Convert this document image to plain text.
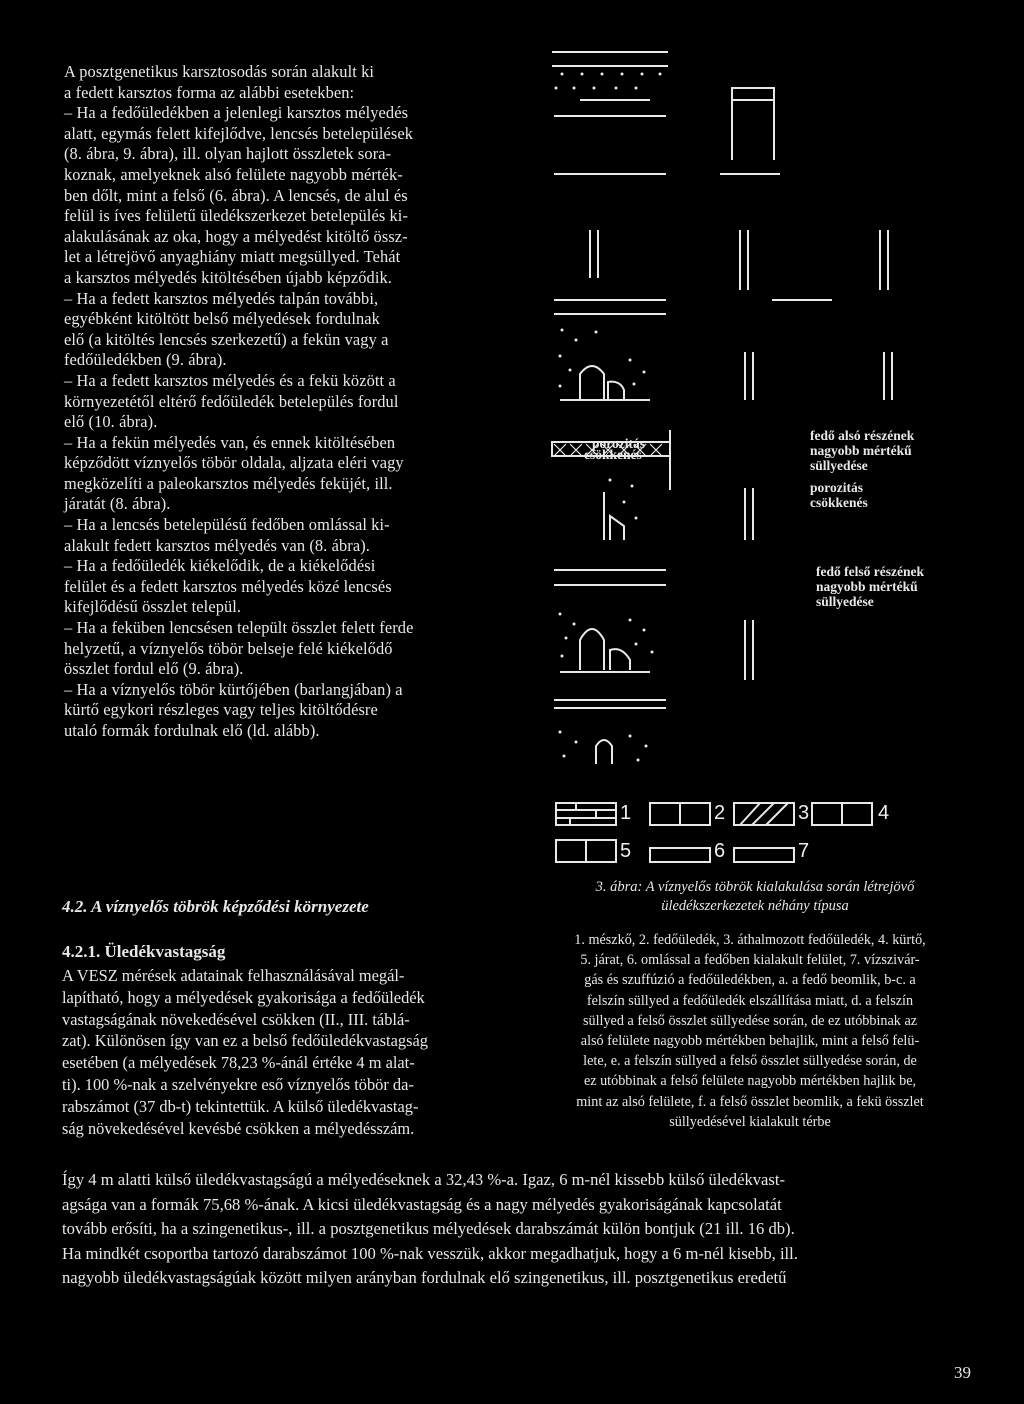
A posztgenetikus karsztosodás során alakult ki
a fedett karsztos forma az alábbi esetekben:
– Ha a fedőüledékben a jelenlegi karsztos mélyedés
alatt, egymás felett kifejlődve, lencsés betelepülések
(8. ábra, 9. ábra), ill. olyan hajlott összletek sora-
koznak, amelyeknek alsó felülete nagyobb mérték-
ben dőlt, mint a felső (6. ábra). A lencsés, de alul és
felül is íves felületű üledékszerkezet betelepülés ki-
alakulásának az oka, hogy a mélyedést kitöltő össz-
let a létrejövő anyaghiány miatt megsüllyed. Tehát
a karsztos mélyedés kitöltésében újabb képződik.
– Ha a fedett karsztos mélyedés talpán további,
egyébként kitöltött belső mélyedések fordulnak
elő (a kitöltés lencsés szerkezetű) a fekün vagy a
fedőüledékben (9. ábra).
– Ha a fedett karsztos mélyedés és a fekü között a
környezetétől eltérő fedőüledék betelepülés fordul
elő (10. ábra).
– Ha a fekün mélyedés van, és ennek kitöltésében
képződött víznyelős töbör oldala, aljzata eléri vagy
megközelíti a paleokarsztos mélyedés feküjét, ill.
járatát (8. ábra).
– Ha a lencsés betelepülésű fedőben omlással ki-
alakult fedett karsztos mélyedés van (8. ábra).
– Ha a fedőüledék kiékelődik, de a kiékelődési
felület és a fedett karsztos mélyedés közé lencsés
kifejlődésű összlet települ.
– Ha a feküben lencsésen települt összlet felett ferde
helyzetű, a víznyelős töbör belseje felé kiékelődő
összlet fordul elő (9. ábra).
– Ha a víznyelős töbör kürtőjében (barlangjában) a
kürtő egykori részleges vagy teljes kitöltődésre
utaló formák fordulnak elő (ld. alább).
4.2. A víznyelős töbrök képződési környezete
4.2.1. Üledékvastagság
A VESZ mérések adatainak felhasználásával megál-
lapítható, hogy a mélyedések gyakorisága a fedőüledék
vastagságának növekedésével csökken (II., III. táblá-
zat). Különösen így van ez a belső fedőüledékvastagság
esetében (a mélyedések 78,23 %-ánál értéke 4 m alat-
ti). 100 %-nak a szelvényekre eső víznyelős töbör da-
rabszámot (37 db-t) tekintettük. A külső üledékvastag-
ság növekedésével kevésbé csökken a mélyedésszám.
Így 4 m alatti külső üledékvastagságú a mélyedéseknek a 32,43 %-a. Igaz, 6 m-nél kissebb külső üledékvast-
agsága van a formák 75,68 %-ának. A kicsi üledékvastagság és a nagy mélyedés gyakoriságának kapcsolatát
tovább erősíti, ha a szingenetikus-, ill. a posztgenetikus mélyedések darabszámát külön bontjuk (21 ill. 16 db).
Ha mindkét csoportba tartozó darabszámot 100 %-nak vesszük, akkor megadhatjuk, hogy a 6 m-nél kisebb, ill.
nagyobb üledékvastagságúak között milyen arányban fordulnak elő szingenetikus, ill. posztgenetikus eredetű
porozitás
csökkenés
fedő alsó részének
nagyobb mértékű
süllyedése
porozitás
csökkenés
fedő felső részének
nagyobb mértékű
süllyedése
1	2	3	4
5	6	7
3. ábra: A víznyelős töbrök kialakulása során létrejövő
üledékszerkezetek néhány típusa
1. mészkő, 2. fedőüledék, 3. áthalmozott fedőüledék, 4. kürtő,
5. járat, 6. omlással a fedőben kialakult felület, 7. vízszivár-
gás és szuffúzió a fedőüledékben, a. a fedő beomlik, b-c. a
felszín süllyed a fedőüledék elszállítása miatt, d. a felszín
süllyed a felső összlet süllyedése során, de ez utóbbinak az
alsó felülete nagyobb mértékben behajlik, mint a felső felü-
lete, e. a felszín süllyed a felső összlet süllyedése során, de
ez utóbbinak a felső felülete nagyobb mértékben hajlik be,
mint az alsó felülete, f. a felső összlet beomlik, a fekü összlet
süllyedésével kialakult térbe
39
